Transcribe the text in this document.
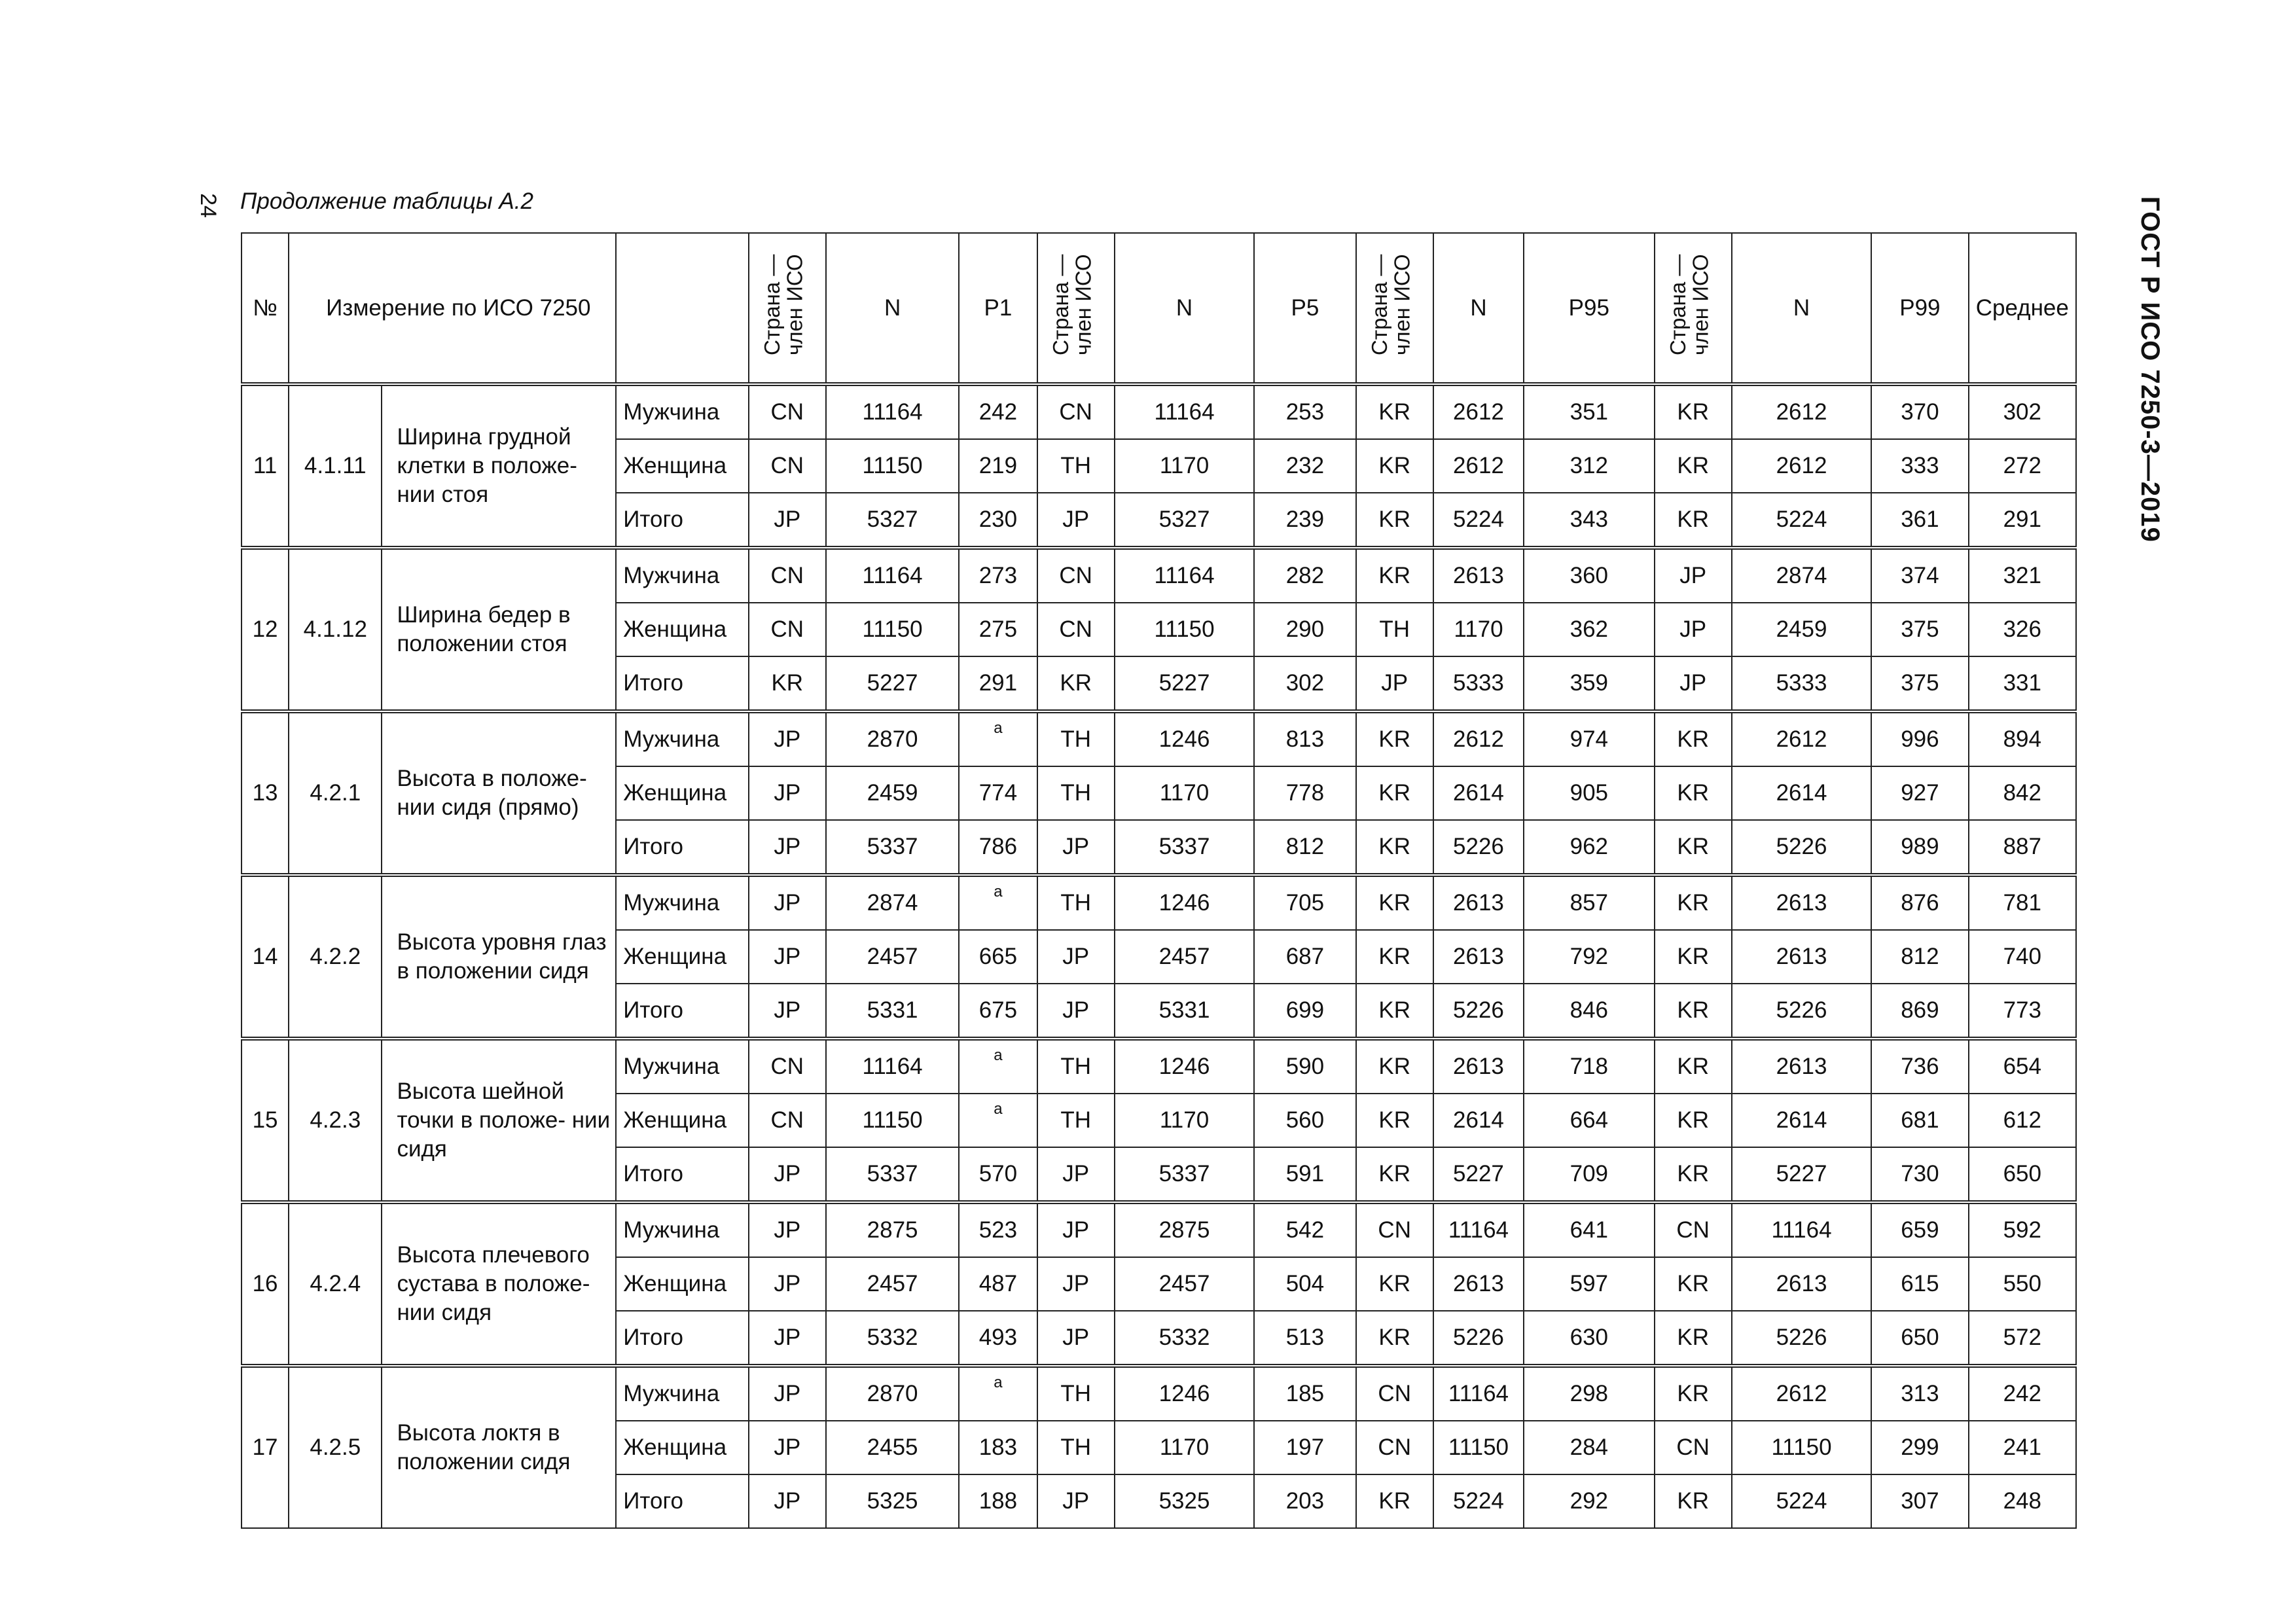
24 Продолжение таблицы А.2	ГОСТ Р ИСО 7250-3—2019
№	Измерение по ИСО 7250			Страна — член ИСО	N	P1	Страна — член ИСО	N	P5	Страна — член ИСО	N	P95	Страна — член ИСО	N	P99	Среднее
11	4.1.11	Ширина грудной клетки в положе- нии стоя	Мужчина	CN	11164	242	CN	11164	253	KR	2612	351	KR	2612	370	302
			Женщина	CN	11150	219	TH	1170	232	KR	2612	312	KR	2612	333	272
			Итого	JP	5327	230	JP	5327	239	KR	5224	343	KR	5224	361	291
12	4.1.12	Ширина бедер в положении стоя	Мужчина	CN	11164	273	CN	11164	282	KR	2613	360	JP	2874	374	321
			Женщина	CN	11150	275	CN	11150	290	TH	1170	362	JP	2459	375	326
			Итого	KR	5227	291	KR	5227	302	JP	5333	359	JP	5333	375	331
13	4.2.1	Высота в положе- нии сидя (прямо)	Мужчина	JP	2870	$^а$	TH	1246	813	KR	2612	974	KR	2612	996	894
			Женщина	JP	2459	774	TH	1170	778	KR	2614	905	KR	2614	927	842
			Итого	JP	5337	786	JP	5337	812	KR	5226	962	KR	5226	989	887
14	4.2.2	Высота уровня глаз в положении сидя	Мужчина	JP	2874	$^а$	TH	1246	705	KR	2613	857	KR	2613	876	781
			Женщина	JP	2457	665	JP	2457	687	KR	2613	792	KR	2613	812	740
			Итого	JP	5331	675	JP	5331	699	KR	5226	846	KR	5226	869	773
15	4.2.3	Высота шейной точки в положе- нии сидя	Мужчина	CN	11164	$^а$	TH	1246	590	KR	2613	718	KR	2613	736	654
			Женщина	CN	11150	$^а$	TH	1170	560	KR	2614	664	KR	2614	681	612
			Итого	JP	5337	570	JP	5337	591	KR	5227	709	KR	5227	730	650
16	4.2.4	Высота плечевого сустава в положе- нии сидя	Мужчина	JP	2875	523	JP	2875	542	CN	11164	641	CN	11164	659	592
			Женщина	JP	2457	487	JP	2457	504	KR	2613	597	KR	2613	615	550
			Итого	JP	5332	493	JP	5332	513	KR	5226	630	KR	5226	650	572
17	4.2.5	Высота локтя в положении сидя	Мужчина	JP	2870	$^а$	TH	1246	185	CN	11164	298	KR	2612	313	242
			Женщина	JP	2455	183	TH	1170	197	CN	11150	284	CN	11150	299	241
			Итого	JP	5325	188	JP	5325	203	KR	5224	292	KR	5224	307	248
